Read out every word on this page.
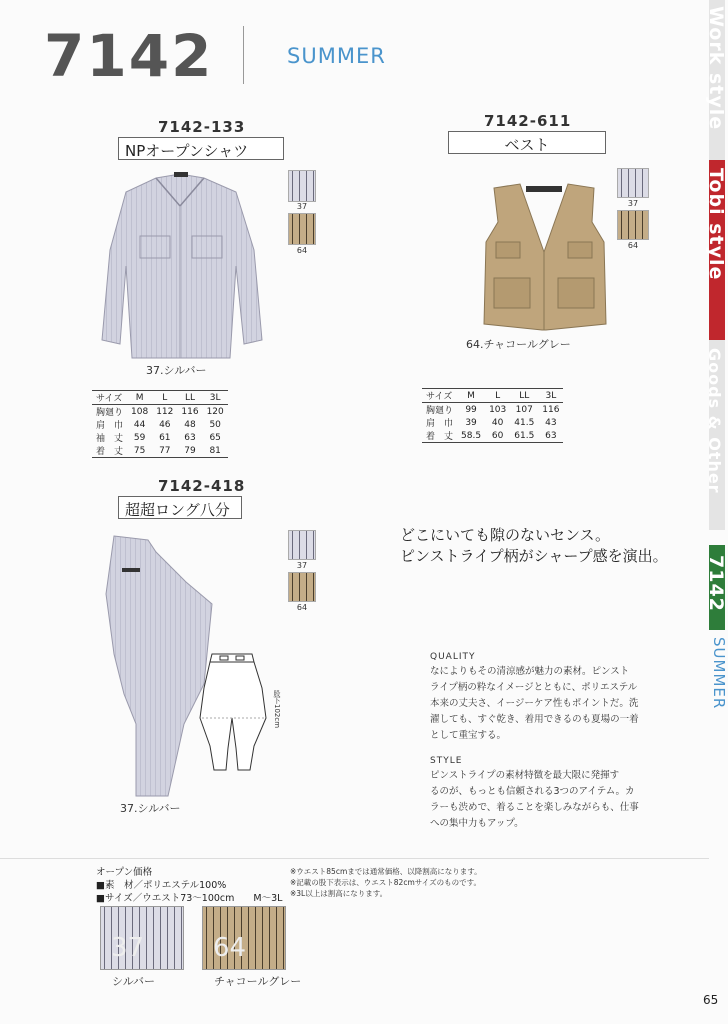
7142	SUMMER	Work style
Tobi style
Goods & Other
7142
SUMMER
7142-133
NPオープンシャツ
37
64
37.シルバー
サイズ	M	L	LL	3L
胸廻り	108	112	116	120
肩　巾	44	46	48	50
袖　丈	59	61	63	65
着　丈	75	77	79	81
7142-611
ベスト
37
64
64.チャコールグレー
サイズ	M	L	LL	3L
胸廻り	99	103	107	116
肩　巾	39	40	41.5	43
着　丈	58.5	60	61.5	63
7142-418
超超ロング八分
37
64
股下102cm
37.シルバー
どこにいても隙のないセンス。
ピンストライプ柄がシャープ感を演出。
QUALITY
なによりもその清涼感が魅力の素材。ピンスト
ライプ柄の粋なイメージとともに、ポリエステル
本来の丈夫さ、イージーケア性もポイントだ。洗
濯しても、すぐ乾き、着用できるのも夏場の一着
として重宝する。
STYLE
ピンストライプの素材特徴を最大限に発揮す
るのが、もっとも信頼される3つのアイテム。カ
ラーも渋めで、着ることを楽しみながらも、仕事
への集中力もアップ。
オープン価格
■素　材／ポリエステル100%
■サイズ／ウエスト73〜100cm　　M〜3L
※ウエスト85cmまでは通常価格、以降割高になります。
※記載の股下表示は、ウエスト82cmサイズのものです。
※3L以上は割高になります。
37
シルバー
64
チャコールグレー
65
